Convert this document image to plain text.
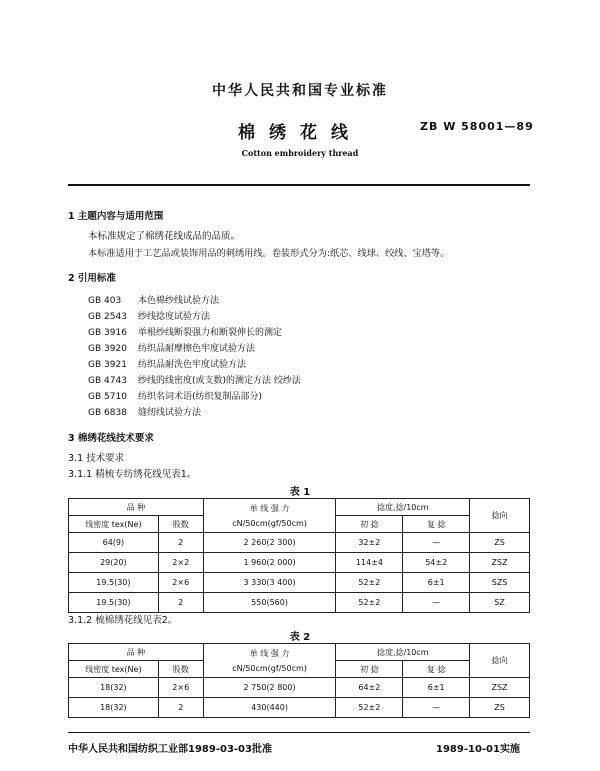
中华人民共和国专业标准
棉绣花线	ZB W 58001—89
Cotton embroidery thread
1 主题内容与适用范围
本标准规定了棉绣花线成品的品质。
本标准适用于工艺品或装饰用品的刺绣用线。卷装形式分为:纸芯、线球、绞线、宝塔等。
2 引用标准
GB 403 本色棉纱线试验方法
GB 2543 纱线捻度试验方法
GB 3916 单根纱线断裂强力和断裂伸长的测定
GB 3920 纺织品耐摩擦色牢度试验方法
GB 3921 纺织品耐洗色牢度试验方法
GB 4743 纱线的线密度(或支数)的测定方法 绞纱法
GB 5710 纺织名词术语(纺织复制品部分)
GB 6838 缝纫线试验方法
3 棉绣花线技术要求
3.1 技术要求
3.1.1 精梳专纺绣花线见表1。
表 1
品 种		单 线 强 力
cN/50cm(gf/50cm)	捻度,捻/10cm		捻向
线密度 tex(Ne)	股数		初 捻	复 捻	
64(9)	2	2 260(2 300)	32±2	—	ZS
29(20)	2×2	1 960(2 000)	114±4	54±2	ZSZ
19.5(30)	2×6	3 330(3 400)	52±2	6±1	SZS
19.5(30)	2	550(560)	52±2	—	SZ
3.1.2 梳棉绣花线见表2。
表 2
品 种		单 线 强 力
cN/50cm(gf/50cm)	捻度,捻/10cm		捻向
线密度 tex(Ne)	股数		初 捻	复 捻	
18(32)	2×6	2 750(2 800)	64±2	6±1	ZSZ
18(32)	2	430(440)	52±2	—	ZS
中华人民共和国纺织工业部1989-03-03批准	1989-10-01实施
